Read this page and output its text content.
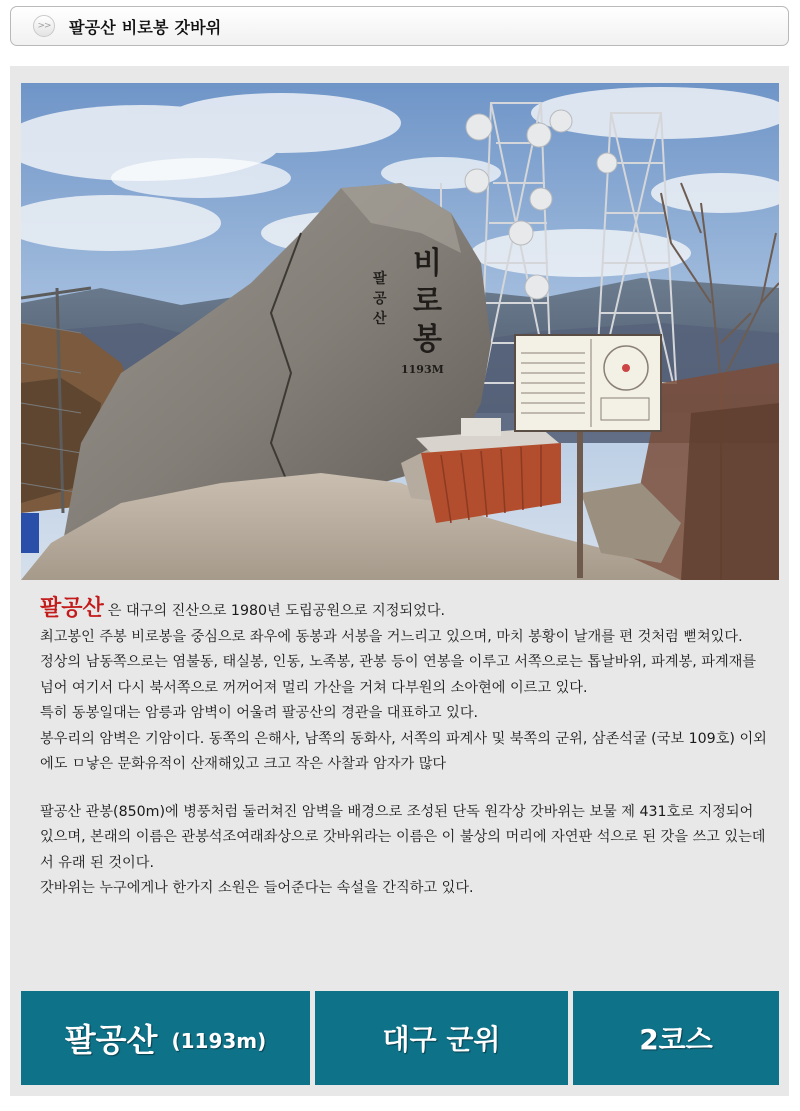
>> 팔공산 비로봉 갓바위
비
로
봉
팔
공
산
1193M

팔공산 은 대구의 진산으로 1980년 도립공원으로 지정되었다.

최고봉인 주봉 비로봉을 중심으로 좌우에 동봉과 서봉을 거느리고 있으며, 마치 봉황이 날개를 편 것처럼 뻗쳐있다.

정상의 남동쪽으로는 염불동, 태실봉, 인동, 노족봉, 관봉 등이 연봉을 이루고 서쪽으로는 톱날바위, 파계봉, 파계재를 넘어 여기서 다시 북서쪽으로 꺼꺼어져 멀리 가산을 거쳐 다부원의 소아현에 이르고 있다.

특히 동봉일대는 암릉과 암벽이 어울려 팔공산의 경관을 대표하고 있다.

봉우리의 암벽은 기암이다. 동쪽의 은해사, 남쪽의 동화사, 서쪽의 파계사 및 북쪽의 군위, 삼존석굴 (국보 109호) 이외에도 ㅁ낳은 문화유적이 산재해있고 크고 작은 사찰과 암자가 많다

팔공산 관봉(850m)에 병풍처럼 둘러쳐진 암벽을 배경으로 조성된 단독 원각상 갓바위는 보물 제 431호로 지정되어 있으며, 본래의 이름은 관봉석조여래좌상으로 갓바위라는 이름은 이 불상의 머리에 자연판 석으로 된 갓을 쓰고 있는데서 유래 된 것이다.

갓바위는 누구에게나 한가지 소원은 들어준다는 속설을 간직하고 있다.

팔공산 (1193m)	대구 군위	2코스
